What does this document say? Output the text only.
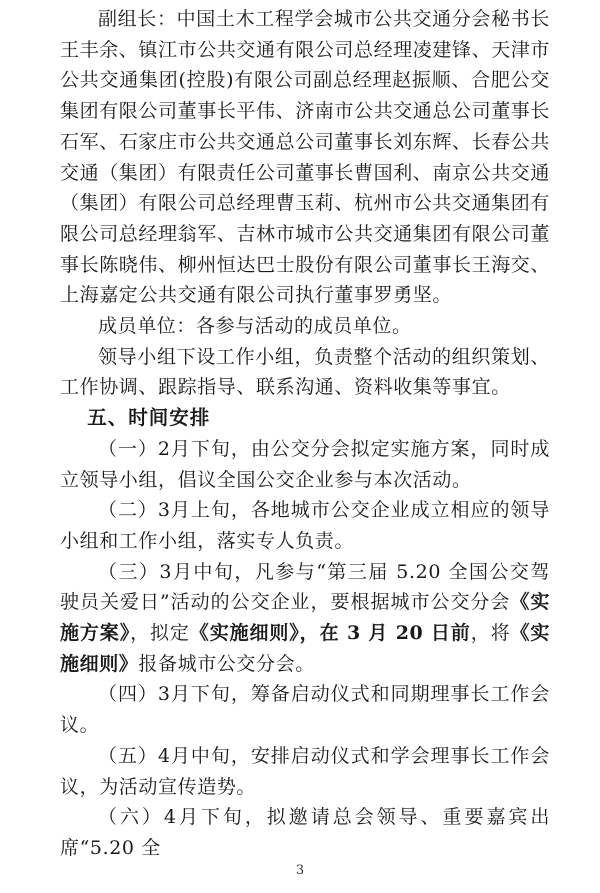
副组长：中国土木工程学会城市公共交通分会秘书长王丰余、镇江市公共交通有限公司总经理凌建锋、天津市公共交通集团(控股)有限公司副总经理赵振顺、合肥公交集团有限公司董事长平伟、济南市公共交通总公司董事长石军、石家庄市公共交通总公司董事长刘东辉、长春公共交通（集团）有限责任公司董事长曹国利、南京公共交通（集团）有限公司总经理曹玉莉、杭州市公共交通集团有限公司总经理翁军、吉林市城市公共交通集团有限公司董事长陈晓伟、柳州恒达巴士股份有限公司董事长王海交、上海嘉定公共交通有限公司执行董事罗勇坚。

成员单位：各参与活动的成员单位。

领导小组下设工作小组，负责整个活动的组织策划、工作协调、跟踪指导、联系沟通、资料收集等事宜。

五、时间安排

（一）2月下旬，由公交分会拟定实施方案，同时成立领导小组，倡议全国公交企业参与本次活动。

（二）3月上旬，各地城市公交企业成立相应的领导小组和工作小组，落实专人负责。

（三）3月中旬，凡参与“第三届 5.20 全国公交驾驶员关爱日”活动的公交企业，要根据城市公交分会《实施方案》，拟定《实施细则》，在 3 月 20 日前，将《实施细则》报备城市公交分会。

（四）3月下旬，筹备启动仪式和同期理事长工作会议。

（五）4月中旬，安排启动仪式和学会理事长工作会议，为活动宣传造势。

（六）4月下旬，拟邀请总会领导、重要嘉宾出席“5.20 全

3
